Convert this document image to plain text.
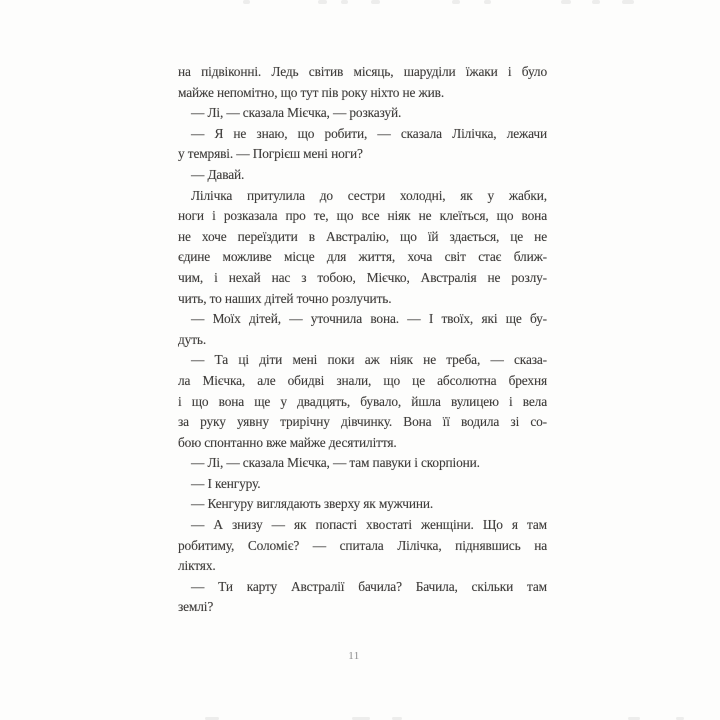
на підвіконні. Ледь світив місяць, шаруділи їжаки і було
майже непомітно, що тут пів року ніхто не жив.
— Лі, — сказала Мієчка, — розказуй.
— Я не знаю, що робити, — сказала Лілічка, лежачи
у темряві. — Погрієш мені ноги?
— Давай.
Лілічка притулила до сестри холодні, як у жабки,
ноги і розказала про те, що все ніяк не клеїться, що вона
не хоче переїздити в Австралію, що їй здається, це не
єдине можливе місце для життя, хоча світ стає ближ-
чим, і нехай нас з тобою, Мієчко, Австралія не розлу-
чить, то наших дітей точно розлучить.
— Моїх дітей, — уточнила вона. — І твоїх, які ще бу-
дуть.
— Та ці діти мені поки аж ніяк не треба, — сказа-
ла Мієчка, але обидві знали, що це абсолютна брехня
і що вона ще у двадцять, бувало, йшла вулицею і вела
за руку уявну трирічну дівчинку. Вона її водила зі со-
бою спонтанно вже майже десятиліття.
— Лі, — сказала Мієчка, — там павуки і скорпіони.
— І кенгуру.
— Кенгуру виглядають зверху як мужчини.
— А знизу — як попасті хвостаті женщіни. Що я там
робитиму, Соломіє? — спитала Лілічка, піднявшись на
ліктях.
— Ти карту Австралії бачила? Бачила, скільки там
землі?
11
